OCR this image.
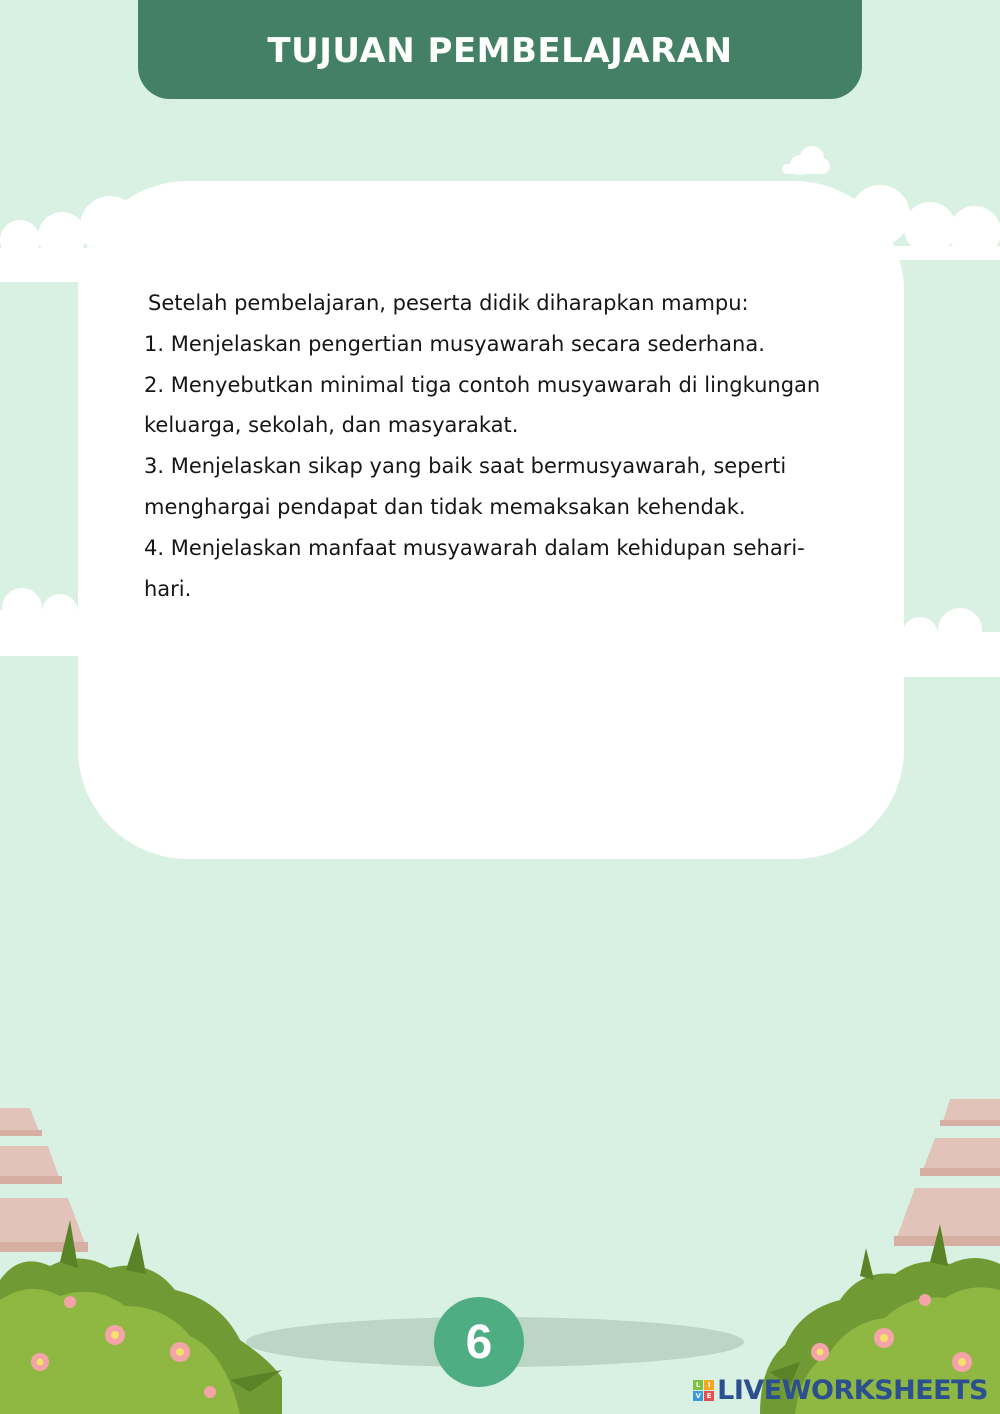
TUJUAN PEMBELAJARAN

Setelah pembelajaran, peserta didik diharapkan mampu:

1. Menjelaskan pengertian musyawarah secara sederhana.

2. Menyebutkan minimal tiga contoh musyawarah di lingkungan keluarga, sekolah, dan masyarakat.

3. Menjelaskan sikap yang baik saat bermusyawarah, seperti menghargai pendapat dan tidak memaksakan kehendak.

4. Menjelaskan manfaat musyawarah dalam kehidupan sehari-hari.

6
L	I
V E LIVEWORKSHEETS
